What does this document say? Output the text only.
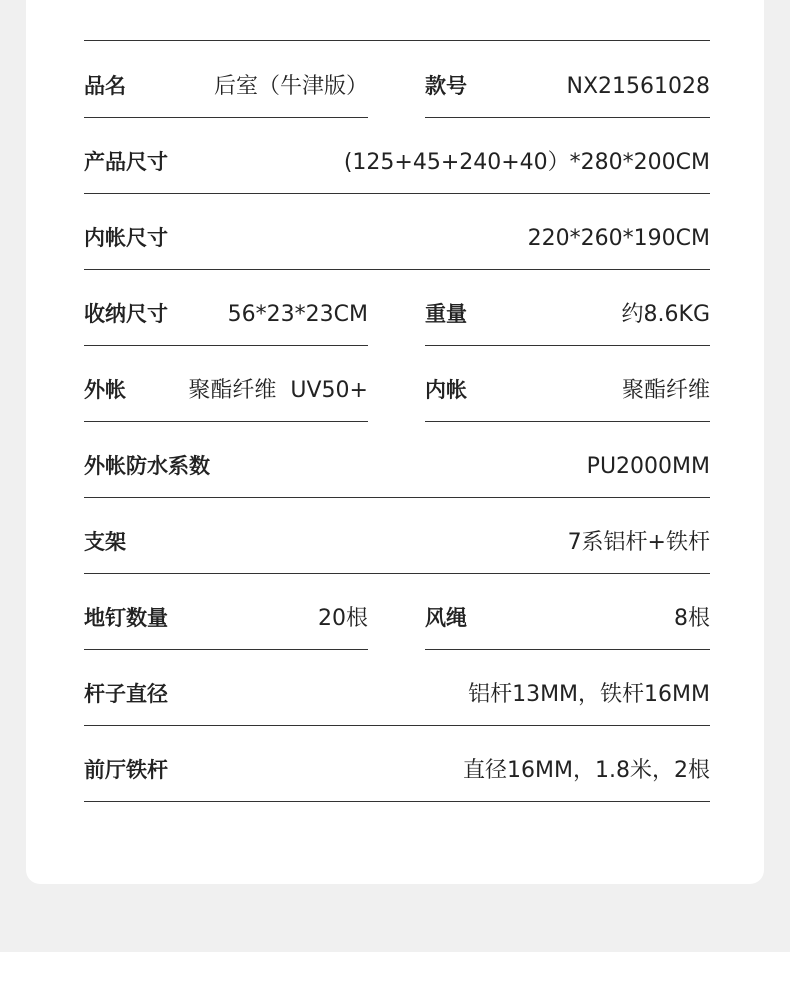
品名	后室（牛津版）	款号	NX21561028
产品尺寸	(125+45+240+40）*280*200CM
内帐尺寸	220*260*190CM
收纳尺寸	56*23*23CM	重量	约8.6KG
外帐	聚酯纤维  UV50+	内帐	聚酯纤维
外帐防水系数	PU2000MM
支架	7系铝杆+铁杆
地钉数量	20根	风绳	8根
杆子直径	铝杆13MM，铁杆16MM
前厅铁杆	直径16MM，1.8米，2根
